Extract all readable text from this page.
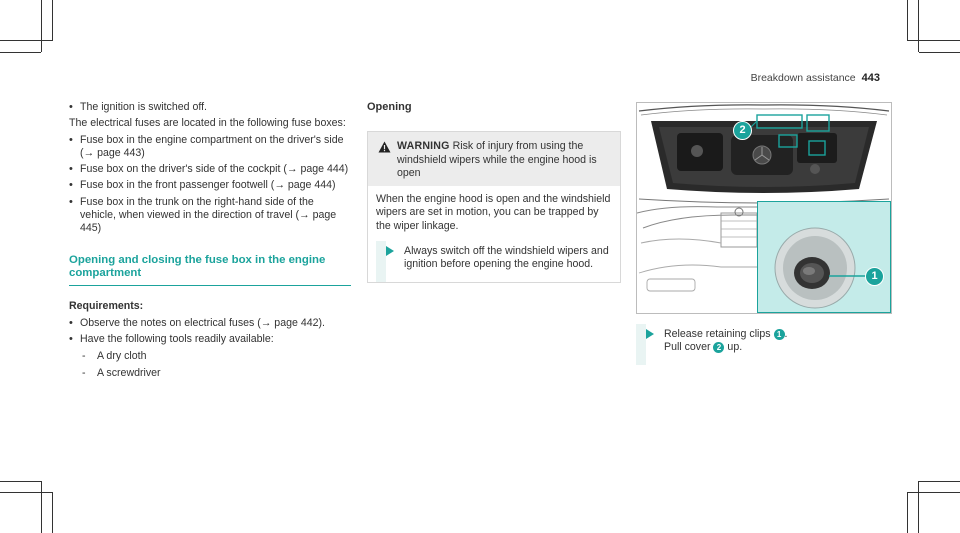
Breakdown assistance 443
• The ignition is switched off.

The electrical fuses are located in the following fuse boxes:

• Fuse box in the engine compartment on the driver's side (→ page 443)
• Fuse box on the driver's side of the cockpit (→ page 444)
• Fuse box in the front passenger footwell (→ page 444)
• Fuse box in the trunk on the right-hand side of the vehicle, when viewed in the direction of travel (→ page 445)
Opening and closing the fuse box in the engine compartment
Requirements:
• Observe the notes on electrical fuses (→ page 442).
• Have the following tools readily available:
- A dry cloth
- A screwdriver
Opening
WARNING Risk of injury from using the windshield wipers while the engine hood is open
When the engine hood is open and the windshield wipers are set in motion, you can be trapped by the wiper linkage.
Always switch off the windshield wipers and ignition before opening the engine hood.
2
1
Release retaining clips 1 .
Pull cover 2 up.
